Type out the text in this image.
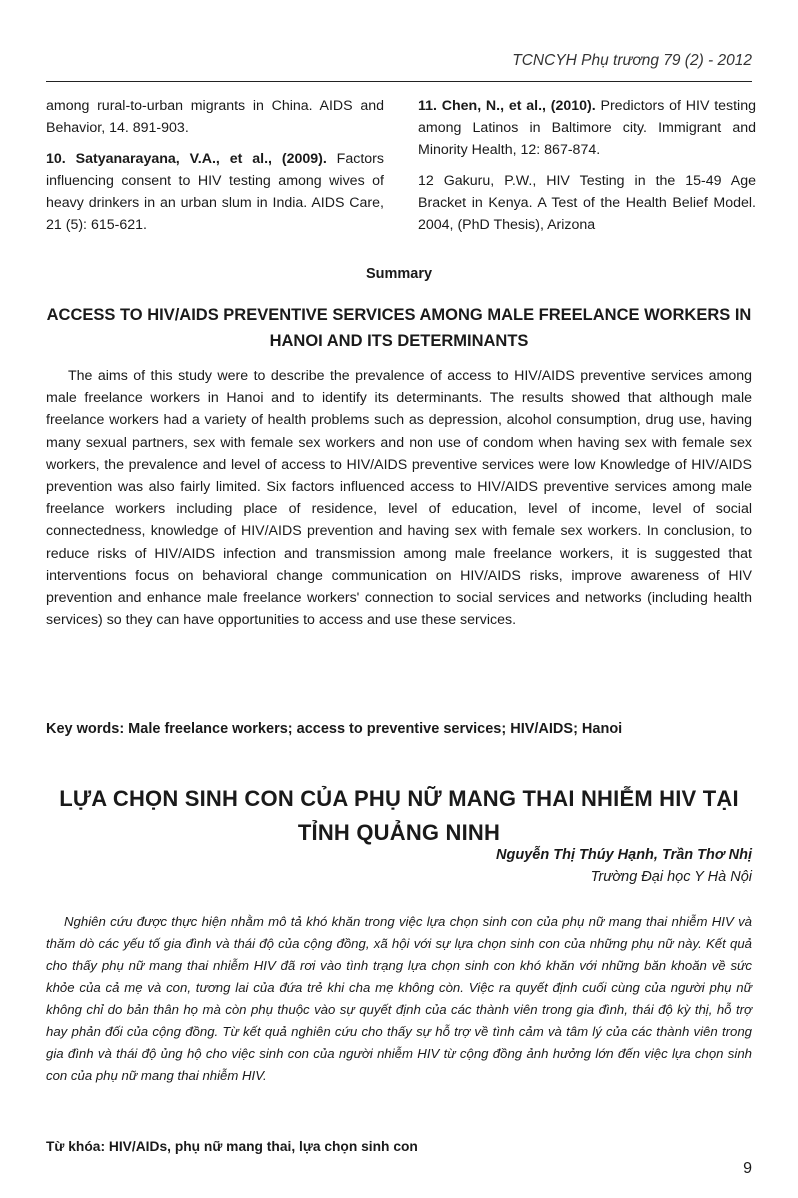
TCNCYH Phụ trương 79 (2) - 2012

among rural-to-urban migrants in China. AIDS and Behavior, 14. 891-903.

10. Satyanarayana, V.A., et al., (2009). Factors influencing consent to HIV testing among wives of heavy drinkers in an urban slum in India. AIDS Care, 21 (5): 615-621.

11. Chen, N., et al., (2010). Predictors of HIV testing among Latinos in Baltimore city. Immigrant and Minority Health, 12: 867-874.

12 Gakuru, P.W., HIV Testing in the 15-49 Age Bracket in Kenya. A Test of the Health Belief Model. 2004, (PhD Thesis), Arizona

Summary
ACCESS TO HIV/AIDS PREVENTIVE SERVICES AMONG MALE FREELANCE WORKERS IN HANOI AND ITS DETERMINANTS

The aims of this study were to describe the prevalence of access to HIV/AIDS preventive services among male freelance workers in Hanoi and to identify its determinants. The results showed that although male freelance workers had a variety of health problems such as depression, alcohol consumption, drug use, having many sexual partners, sex with female sex workers and non use of condom when having sex with female sex workers, the prevalence and level of access to HIV/AIDS preventive services were low Knowledge of HIV/AIDS prevention was also fairly limited. Six factors influenced access to HIV/AIDS preventive services among male freelance workers including place of residence, level of education, level of income, level of social connectedness, knowledge of HIV/AIDS prevention and having sex with female sex workers. In conclusion, to reduce risks of HIV/AIDS infection and transmission among male freelance workers, it is suggested that interventions focus on behavioral change communication on HIV/AIDS risks, improve awareness of HIV prevention and enhance male freelance workers' connection to social services and networks (including health services) so they can have opportunities to access and use these services.

Key words: Male freelance workers; access to preventive services; HIV/AIDS; Hanoi
LỰA CHỌN SINH CON CỦA PHỤ NỮ MANG THAI NHIỄM HIV TẠI TỈNH QUẢNG NINH
Nguyễn Thị Thúy Hạnh, Trần Thơ Nhị
Trường Đại học Y Hà Nội

Nghiên cứu được thực hiện nhằm mô tả khó khăn trong việc lựa chọn sinh con của phụ nữ mang thai nhiễm HIV và thăm dò các yếu tố gia đình và thái độ của cộng đồng, xã hội với sự lựa chọn sinh con của những phụ nữ này. Kết quả cho thấy phụ nữ mang thai nhiễm HIV đã rơi vào tình trạng lựa chọn sinh con khó khăn với những băn khoăn về sức khỏe của cả mẹ và con, tương lai của đứa trẻ khi cha mẹ không còn. Việc ra quyết định cuối cùng của người phụ nữ không chỉ do bản thân họ mà còn phụ thuộc vào sự quyết định của các thành viên trong gia đình, thái độ kỳ thị, hỗ trợ hay phản đối của cộng đồng. Từ kết quả nghiên cứu cho thấy sự hỗ trợ về tình cảm và tâm lý của các thành viên trong gia đình và thái độ ủng hộ cho việc sinh con của người nhiễm HIV từ cộng đồng ảnh hưởng lớn đến việc lựa chọn sinh con của phụ nữ mang thai nhiễm HIV.

Từ khóa: HIV/AIDs, phụ nữ mang thai, lựa chọn sinh con
9
